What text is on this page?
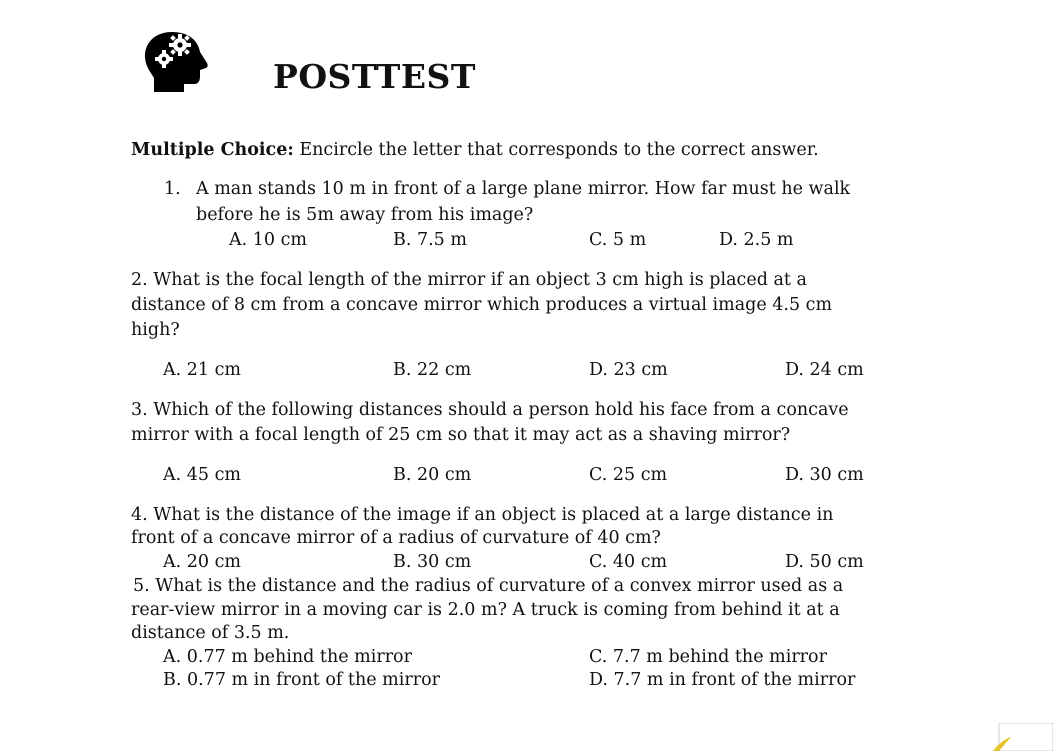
POSTTEST
Multiple Choice: Encircle the letter that corresponds to the correct answer.
1. A man stands 10 m in front of a large plane mirror. How far must he walk
before he is 5m away from his image?
A. 10 cm	B. 7.5 m	C. 5 m	D. 2.5 m
2. What is the focal length of the mirror if an object 3 cm high is placed at a
distance of 8 cm from a concave mirror which produces a virtual image 4.5 cm
high?
A. 21 cm	B. 22 cm	D. 23 cm	D. 24 cm
3. Which of the following distances should a person hold his face from a concave
mirror with a focal length of 25 cm so that it may act as a shaving mirror?
A. 45 cm	B. 20 cm	C. 25 cm	D. 30 cm
4. What is the distance of the image if an object is placed at a large distance in
front of a concave mirror of a radius of curvature of 40 cm?
A. 20 cm	B. 30 cm	C. 40 cm	D. 50 cm
5. What is the distance and the radius of curvature of a convex mirror used as a
rear-view mirror in a moving car is 2.0 m? A truck is coming from behind it at a
distance of 3.5 m.
A. 0.77 m behind the mirror	C. 7.7 m behind the mirror
B. 0.77 m in front of the mirror	D. 7.7 m in front of the mirror
